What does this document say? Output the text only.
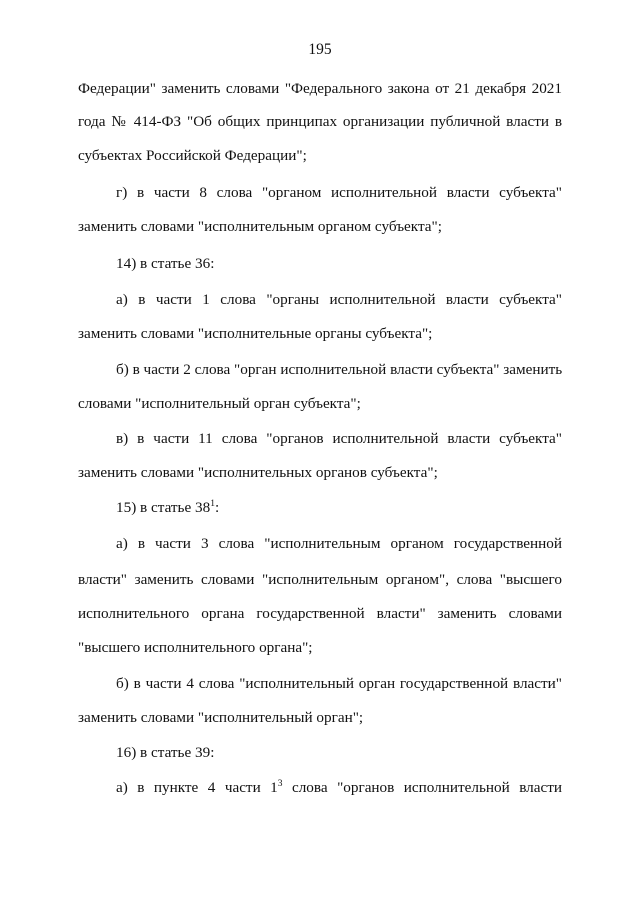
195
Федерации" заменить словами "Федерального закона от 21 декабря 2021
года № 414-ФЗ "Об общих принципах организации публичной власти в
субъектах Российской Федерации";
г) в части 8 слова "органом исполнительной власти субъекта"
заменить словами "исполнительным органом субъекта";
14) в статье 36:
а) в части 1 слова "органы исполнительной власти субъекта"
заменить словами "исполнительные органы субъекта";
б) в части 2 слова "орган исполнительной власти субъекта" заменить
словами "исполнительный орган субъекта";
в) в части 11 слова "органов исполнительной власти субъекта"
заменить словами "исполнительных органов субъекта";
15) в статье $38^1$:
а) в части 3 слова "исполнительным органом государственной
власти" заменить словами "исполнительным органом", слова "высшего
исполнительного органа государственной власти" заменить словами
"высшего исполнительного органа";
б) в части 4 слова "исполнительный орган государственной власти"
заменить словами "исполнительный орган";
16) в статье 39:
а) в пункте 4 части $1^3$ слова "органов исполнительной власти
